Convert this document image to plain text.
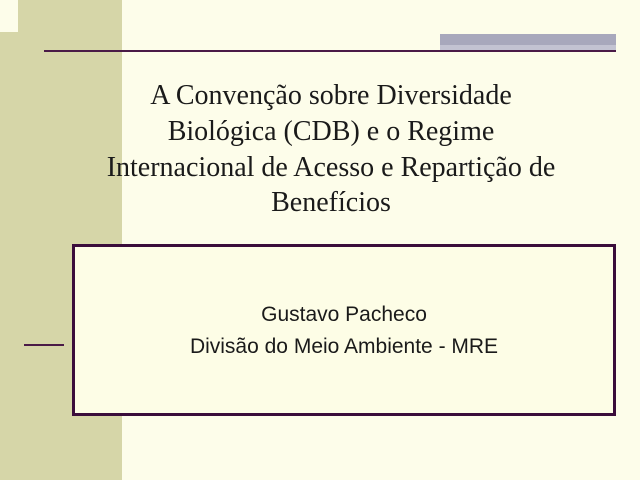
A Convenção sobre Diversidade Biológica (CDB) e o Regime Internacional de Acesso e Repartição de Benefícios
Gustavo Pacheco
Divisão do Meio Ambiente - MRE
